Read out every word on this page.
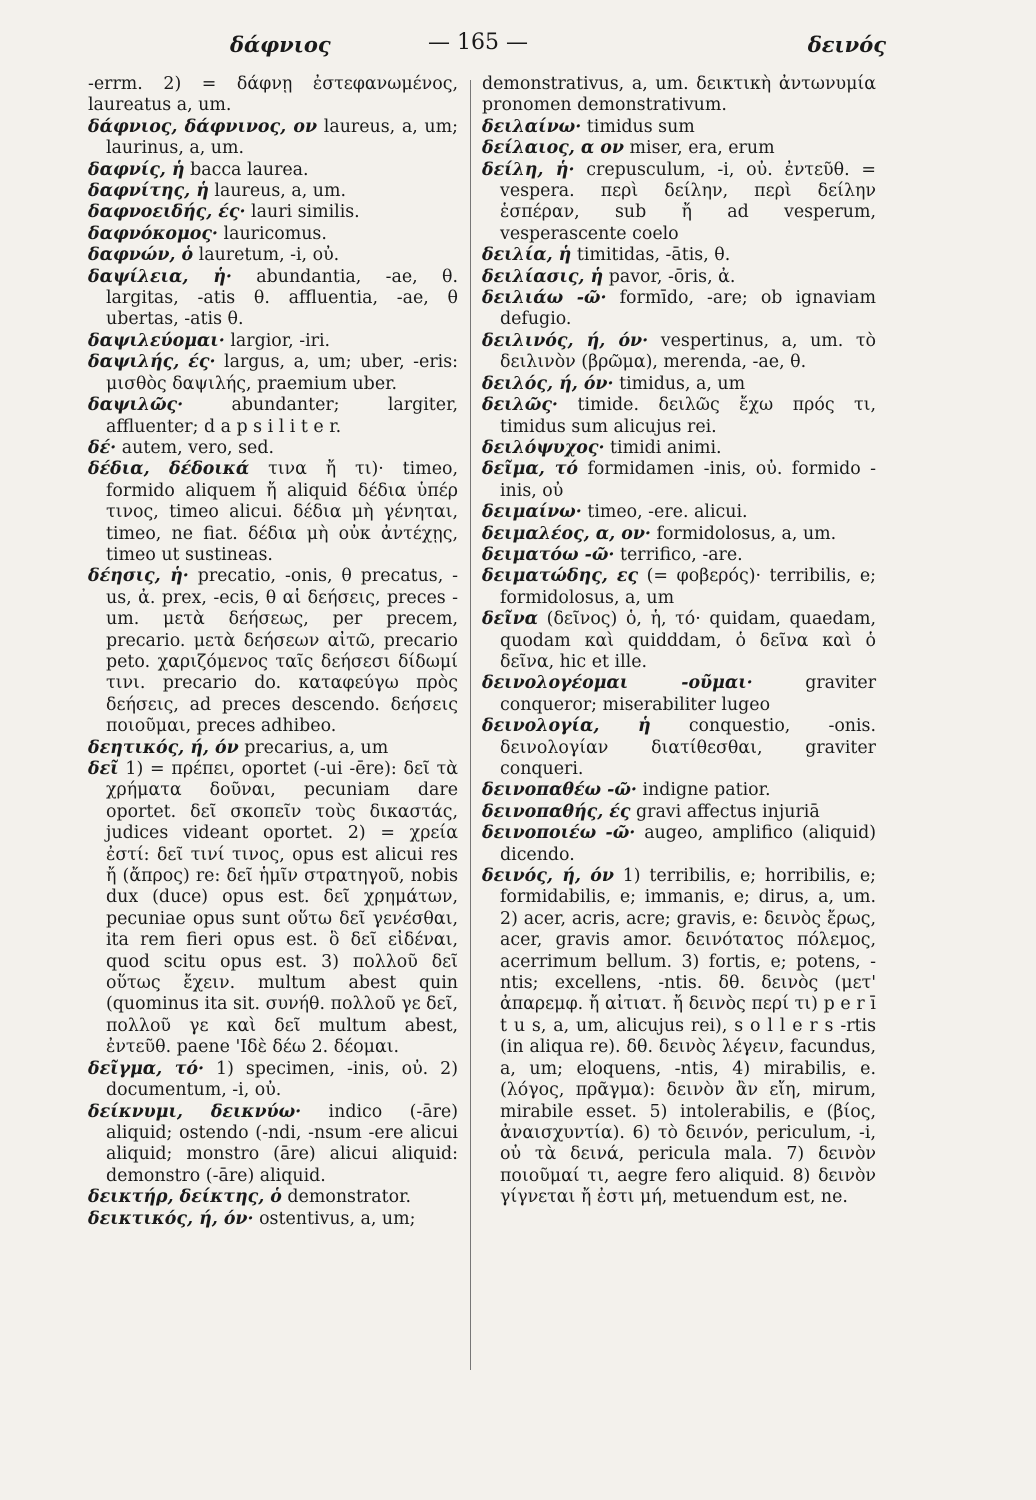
δάφνιος	— 165 —	δεινός

-errm. 2) = δάφνῃ ἐστεφανωμένος, laureatus a, um.

δάφνιος, δάφνινος, ον laureus, a, um; laurinus, a, um.

δαφνίς, ἡ bacca laurea.

δαφνίτης, ἡ laureus, a, um.

δαφνοειδής, ές· lauri similis.

δαφνόκομος· lauricomus.

δαφνών, ὁ lauretum, -i, οὐ.

δαψίλεια, ἡ· abundantia, -ae, θ. largitas, -atis θ. affluentia, -ae, θ ubertas, -atis θ.

δαψιλεύομαι· largior, -iri.

δαψιλής, ές· largus, a, um; uber, -eris: μισθὸς δαψιλής, praemium uber.

δαψιλῶς· abundanter; largiter, affluenter; d a p s i l i t e r.

δέ· autem, vero, sed.

δέδια, δέδοικά τινα ἤ τι)· timeo, formido aliquem ἤ aliquid δέδια ὑπέρ τινος, timeo alicui. δέδια μὴ γένηται, timeo, ne fiat. δέδια μὴ οὐκ ἀντέχῃς, timeo ut sustineas.

δέησις, ἡ· precatio, -onis, θ precatus, -us, ἀ. prex, -ecis, θ αἱ δεήσεις, preces -um. μετὰ δεήσεως, per precem, precario. μετὰ δεήσεων αἰτῶ, precario peto. χαριζόμενος ταῖς δεήσεσι δίδωμί τινι. precario do. καταφεύγω πρὸς δεήσεις, ad preces descendo. δεήσεις ποιοῦμαι, preces adhibeo.

δεητικός, ή, όν precarius, a, um

δεῖ 1) = πρέπει, oportet (-ui -ēre): δεῖ τὰ χρήματα δοῦναι, pecuniam dare oportet. δεῖ σκοπεῖν τοὺς δικαστάς, judices videant oportet. 2) = χρεία ἐστί: δεῖ τινί τινος, opus est alicui res ἤ (ἄπρος) re: δεῖ ἡμῖν στρατηγοῦ, nobis dux (duce) opus est. δεῖ χρημάτων, pecuniae opus sunt οὕτω δεῖ γενέσθαι, ita rem fieri opus est. ὃ δεῖ εἰδέναι, quod scitu opus est. 3) πολλοῦ δεῖ οὕτως ἔχειν. multum abest quin (quominus ita sit. συνήθ. πολλοῦ γε δεῖ, πολλοῦ γε καὶ δεῖ multum abest, ἐντεῦθ. paene 'Ιδὲ δέω 2. δέομαι.

δεῖγμα, τό· 1) specimen, -inis, οὐ. 2) documentum, -i, οὐ.

δείκνυμι, δεικνύω· indico (-āre) aliquid; ostendo (-ndi, -nsum -ere alicui aliquid; monstro (āre) alicui aliquid: demonstro (-āre) aliquid.

δεικτήρ, δείκτης, ὁ demonstrator.

δεικτικός, ή, όν· ostentivus, a, um;

demonstrativus, a, um. δεικτικὴ ἀντωνυμία pronomen demonstrativum.

δειλαίνω· timidus sum

δείλαιος, α ον miser, era, erum

δείλη, ἡ· crepusculum, -i, οὐ. ἐντεῦθ. = vespera. περὶ δείλην, περὶ δείλην ἑσπέραν, sub ἤ ad vesperum, vesperascente coelo

δειλία, ἡ timitidas, -ātis, θ.

δειλίασις, ἡ pavor, -ōris, ἀ.

δειλιάω -ῶ· formīdo, -are; ob ignaviam defugio.

δειλινός, ή, όν· vespertinus, a, um. τὸ δειλινὸν (βρῶμα), merenda, -ae, θ.

δειλός, ή, όν· timidus, a, um

δειλῶς· timide. δειλῶς ἔχω πρός τι, timidus sum alicujus rei.

δειλόψυχος· timidi animi.

δεῖμα, τό formidamen -inis, οὐ. formido -inis, οὐ

δειμαίνω· timeo, -ere. alicui.

δειμαλέος, α, ον· formidolosus, a, um.

δειματόω -ῶ· terrifico, -are.

δειματώδης, ες (= φοβερός)· terribilis, e; formidolosus, a, um

δεῖνα (δεῖνος) ὁ, ἡ, τό· quidam, quaedam, quodam καὶ quidddam, ὁ δεῖνα καὶ ὁ δεῖνα, hic et ille.

δεινολογέομαι -οῦμαι· graviter conqueror; miserabiliter lugeo

δεινολογία, ἡ conquestio, -onis. δεινολογίαν διατίθεσθαι, graviter conqueri.

δεινοπαθέω -ῶ· indigne patior.

δεινοπαθής, ές gravi affectus injuriā

δεινοποιέω -ῶ· augeo, amplifico (aliquid) dicendo.

δεινός, ή, όν 1) terribilis, e; horribilis, e; formidabilis, e; immanis, e; dirus, a, um. 2) acer, acris, acre; gravis, e: δεινὸς ἔρως, acer, gravis amor. δεινότατος πόλεμος, acerrimum bellum. 3) fortis, e; potens, -ntis; excellens, -ntis. δθ. δεινὸς (μετ' ἀπαρεμφ. ἤ αἰτιατ. ἤ δεινὸς περί τι) p e r ī t u s, a, um, alicujus rei), s o l l e r s -rtis (in aliqua re). δθ. δεινὸς λέγειν, facundus, a, um; eloquens, -ntis, 4) mirabilis, e. (λόγος, πρᾶγμα): δεινὸν ἂν εἴη, mirum, mirabile esset. 5) intolerabilis, e (βίος, ἀναισχυντία). 6) τὸ δεινόν, periculum, -i, οὐ τὰ δεινά, pericula mala. 7) δεινὸν ποιοῦμαί τι, aegre fero aliquid. 8) δεινὸν γίγνεται ἤ ἐστι μή, metuendum est, ne.
